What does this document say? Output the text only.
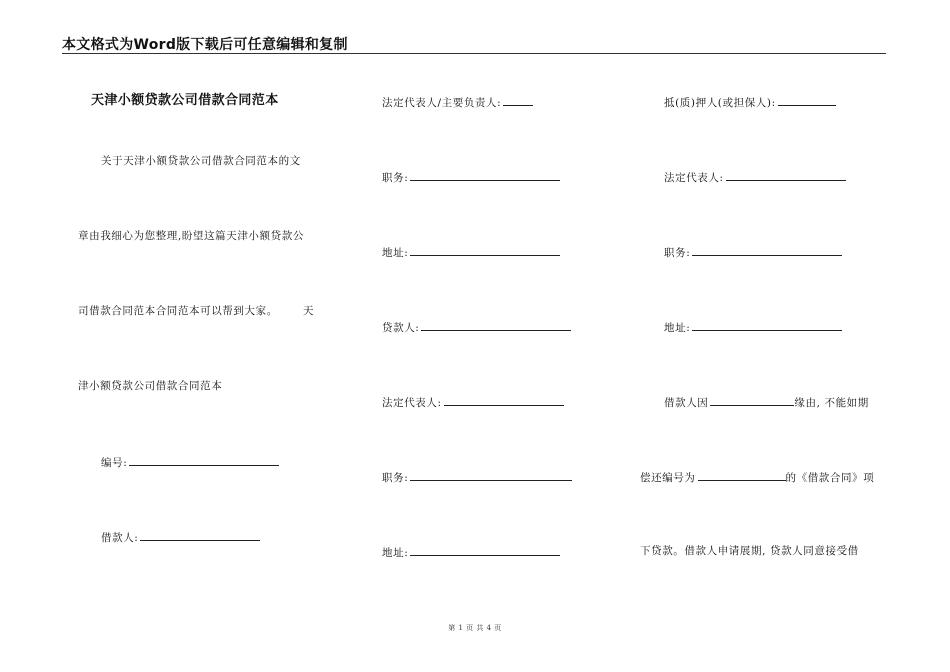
本文格式为Word版下载后可任意编辑和复制
天津小额贷款公司借款合同范本
关于天津小额贷款公司借款合同范本的文
章由我细心为您整理,盼望这篇天津小额贷款公
司借款合同范本合同范本可以帮到大家。 天
津小额贷款公司借款合同范本
编号:
借款人:
法定代表人/主要负责人:
职务:
地址:
贷款人:
法定代表人:
职务:
地址:
抵(质)押人(或担保人):
法定代表人:
职务:
地址:
借款人因	缘由, 不能如期
偿还编号为	的《借款合同》项
下贷款。借款人申请展期, 贷款人同意接受借
第 1 页 共 4 页
